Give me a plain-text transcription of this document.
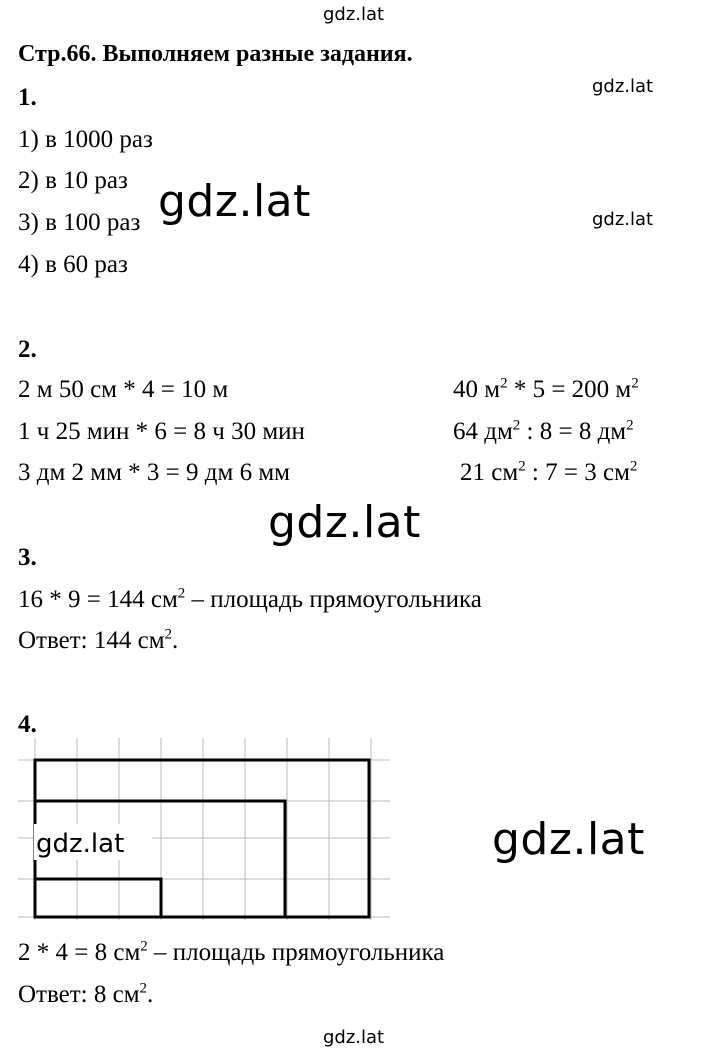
gdz.lat
gdz.lat
gdz.lat	gdz.lat
gdz.lat
gdz.lat
gdz.lat
Стр.66. Выполняем разные задания.
1.
1) в 1000 раз
2) в 10 раз
3) в 100 раз
4) в 60 раз
2.
2 м 50 см * 4 = 10 м
1 ч 25 мин * 6 = 8 ч 30 мин
3 дм 2 мм * 3 = 9 дм 6 мм
40 $м^2 * 5 = 200$ $м^2$
64 $дм^2$ : 8 = 8 $дм^2$
21 $см^2$ : 7 = 3 $см^2$
3.
16 * 9 = 144 $см^2$ – площадь прямоугольника
Ответ: 144 $см^2$.
4.
gdz.lat
2 * 4 = 8 $см^2$ – площадь прямоугольника
Ответ: 8 $см^2$.
